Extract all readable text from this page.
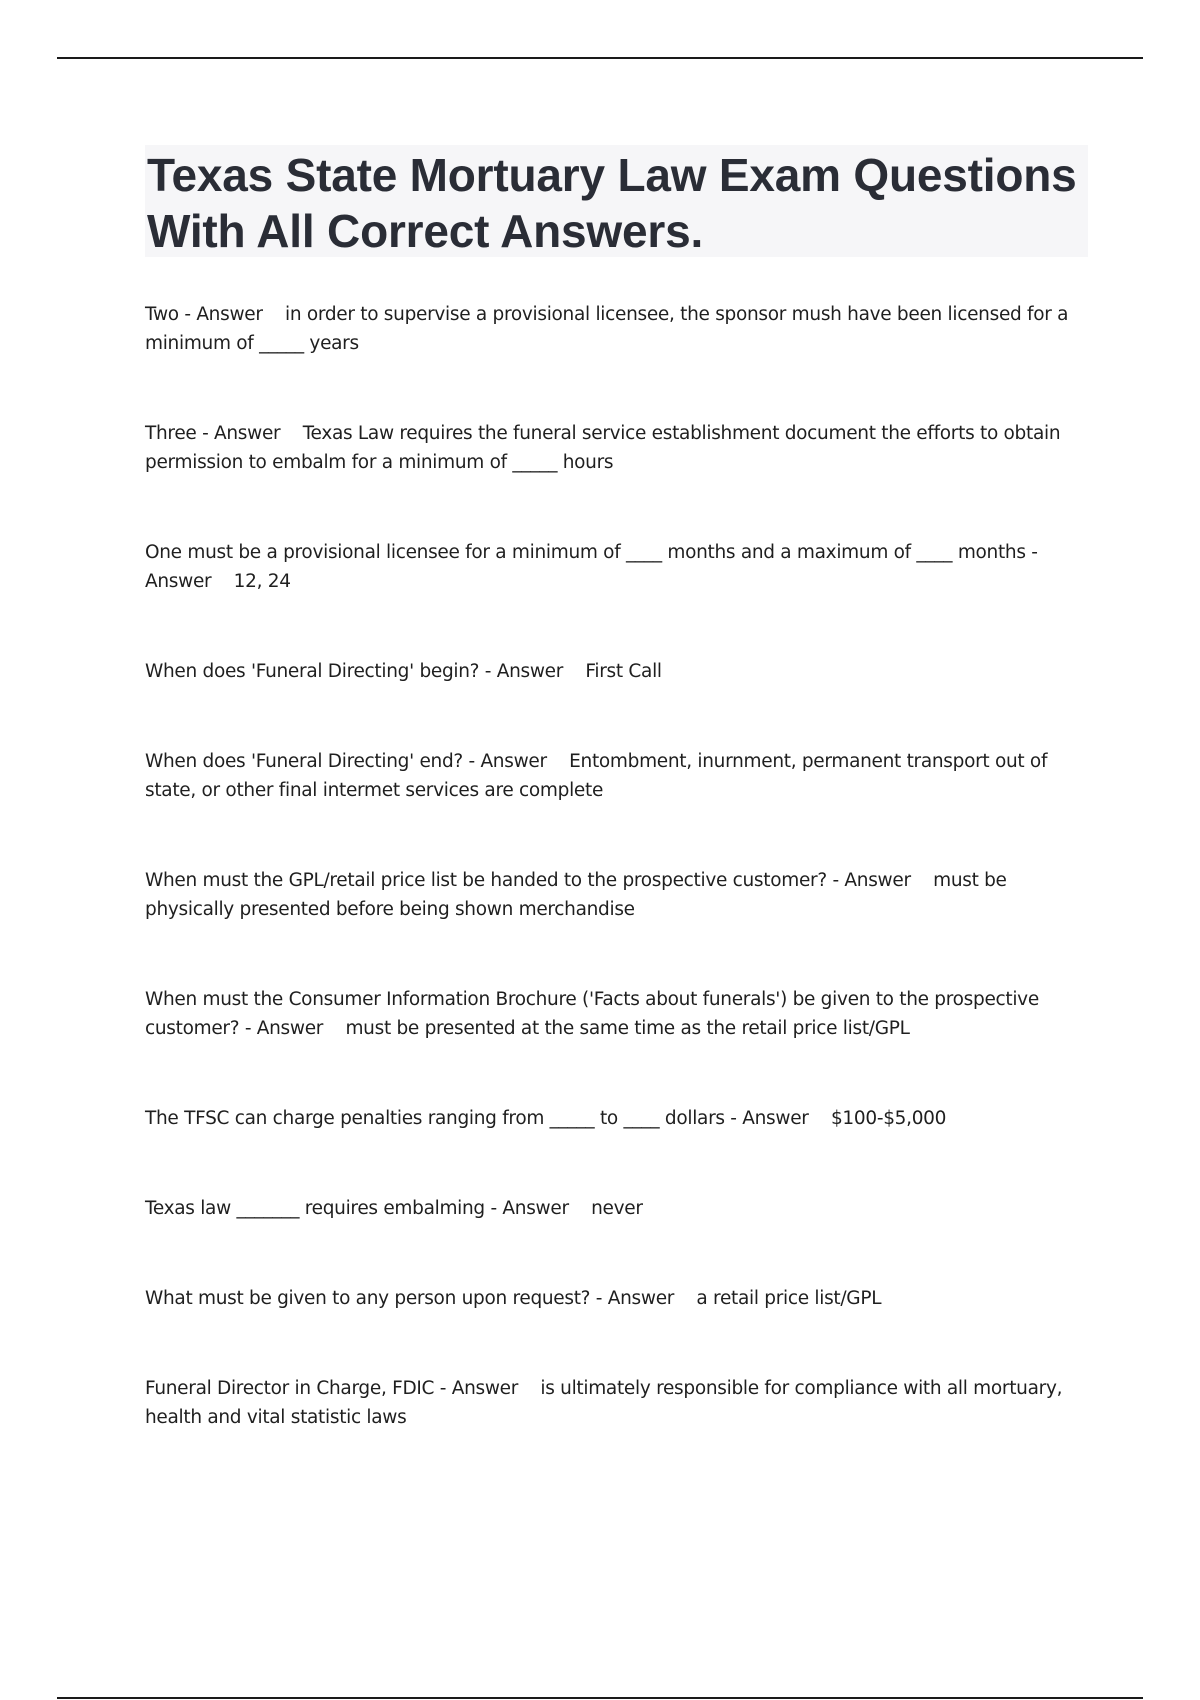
Texas State Mortuary Law Exam Questions With All Correct Answers.
Two - Answer in order to supervise a provisional licensee, the sponsor mush have been licensed for a minimum of _____ years
Three - Answer Texas Law requires the funeral service establishment document the efforts to obtain permission to embalm for a minimum of _____ hours
One must be a provisional licensee for a minimum of ____ months and a maximum of ____ months - Answer 12, 24
When does 'Funeral Directing' begin? - Answer First Call
When does 'Funeral Directing' end? - Answer Entombment, inurnment, permanent transport out of state, or other final intermet services are complete
When must the GPL/retail price list be handed to the prospective customer? - Answer must be physically presented before being shown merchandise
When must the Consumer Information Brochure ('Facts about funerals') be given to the prospective customer? - Answer must be presented at the same time as the retail price list/GPL
The TFSC can charge penalties ranging from _____ to ____ dollars - Answer $100-$5,000
Texas law _______ requires embalming - Answer never
What must be given to any person upon request? - Answer a retail price list/GPL
Funeral Director in Charge, FDIC - Answer is ultimately responsible for compliance with all mortuary, health and vital statistic laws
